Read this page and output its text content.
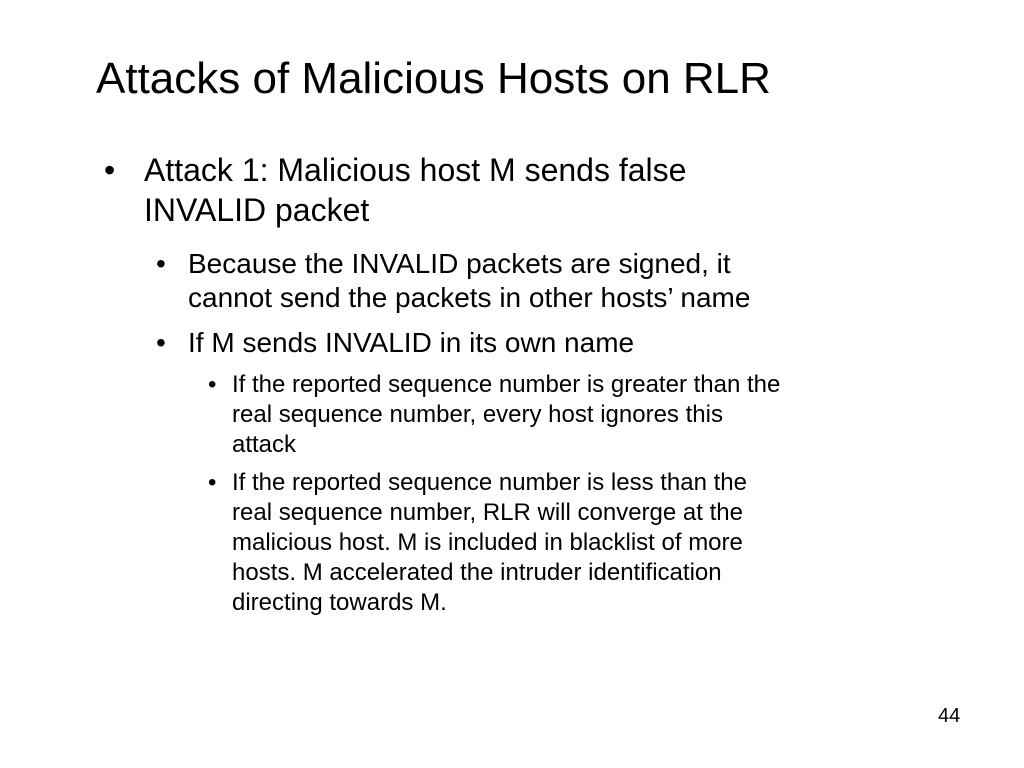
Attacks of Malicious Hosts on RLR
• Attack 1: Malicious host M sends false
INVALID packet
• Because the INVALID packets are signed, it
cannot send the packets in other hosts’ name
• If M sends INVALID in its own name
• If the reported sequence number is greater than the
real sequence number, every host ignores this
attack
• If the reported sequence number is less than the
real sequence number, RLR will converge at the
malicious host. M is included in blacklist of more
hosts. M accelerated the intruder identification
directing towards M.
44
